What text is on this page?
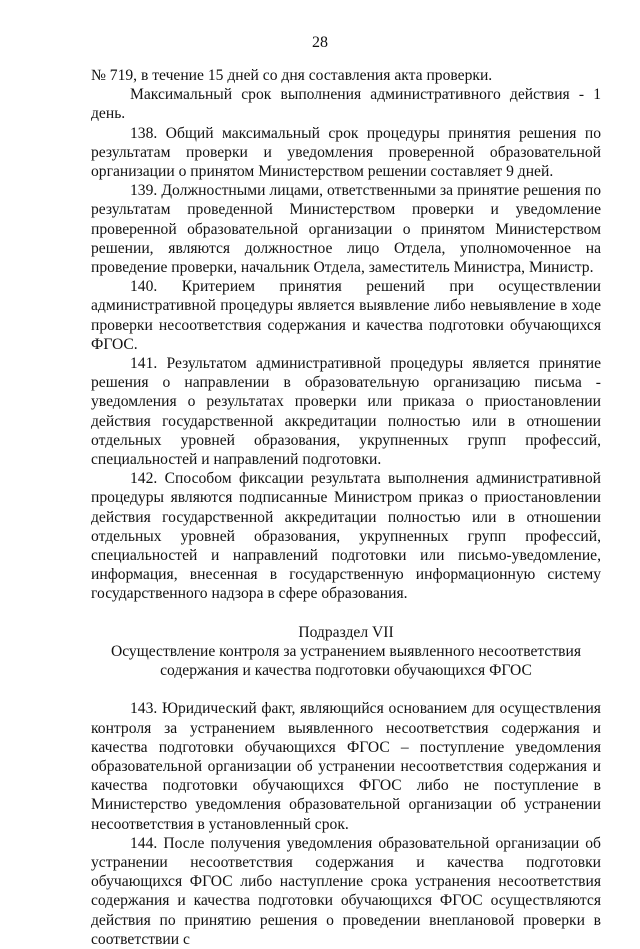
28

№ 719, в течение 15 дней со дня составления акта проверки.

Максимальный срок выполнения административного действия - 1 день.

138. Общий максимальный срок процедуры принятия решения по результатам проверки и уведомления проверенной образовательной организации о принятом Министерством решении составляет 9 дней.

139. Должностными лицами, ответственными за принятие решения по результатам проведенной Министерством проверки и уведомление проверенной образовательной организации о принятом Министерством решении, являются должностное лицо Отдела, уполномоченное на проведение проверки, начальник Отдела, заместитель Министра, Министр.

140. Критерием принятия решений при осуществлении административной процедуры является выявление либо невыявление в ходе проверки несоответствия содержания и качества подготовки обучающихся ФГОС.

141. Результатом административной процедуры является принятие решения о направлении в образовательную организацию письма - уведомления о результатах проверки или приказа о приостановлении действия государственной аккредитации полностью или в отношении отдельных уровней образования, укрупненных групп профессий, специальностей и направлений подготовки.

142. Способом фиксации результата выполнения административной процедуры являются подписанные Министром приказ о приостановлении действия государственной аккредитации полностью или в отношении отдельных уровней образования, укрупненных групп профессий, специальностей и направлений подготовки или письмо-уведомление, информация, внесенная в государственную информационную систему государственного надзора в сфере образования.

Подраздел VII

Осуществление контроля за устранением выявленного несоответствия

содержания и качества подготовки обучающихся ФГОС

143. Юридический факт, являющийся основанием для осуществления контроля за устранением выявленного несоответствия содержания и качества подготовки обучающихся ФГОС – поступление уведомления образовательной организации об устранении несоответствия содержания и качества подготовки обучающихся ФГОС либо не поступление в Министерство уведомления образовательной организации об устранении несоответствия в установленный срок.

144. После получения уведомления образовательной организации об устранении несоответствия содержания и качества подготовки обучающихся ФГОС либо наступление срока устранения несоответствия содержания и качества подготовки обучающихся ФГОС осуществляются действия по принятию решения о проведении внеплановой проверки в соответствии с
